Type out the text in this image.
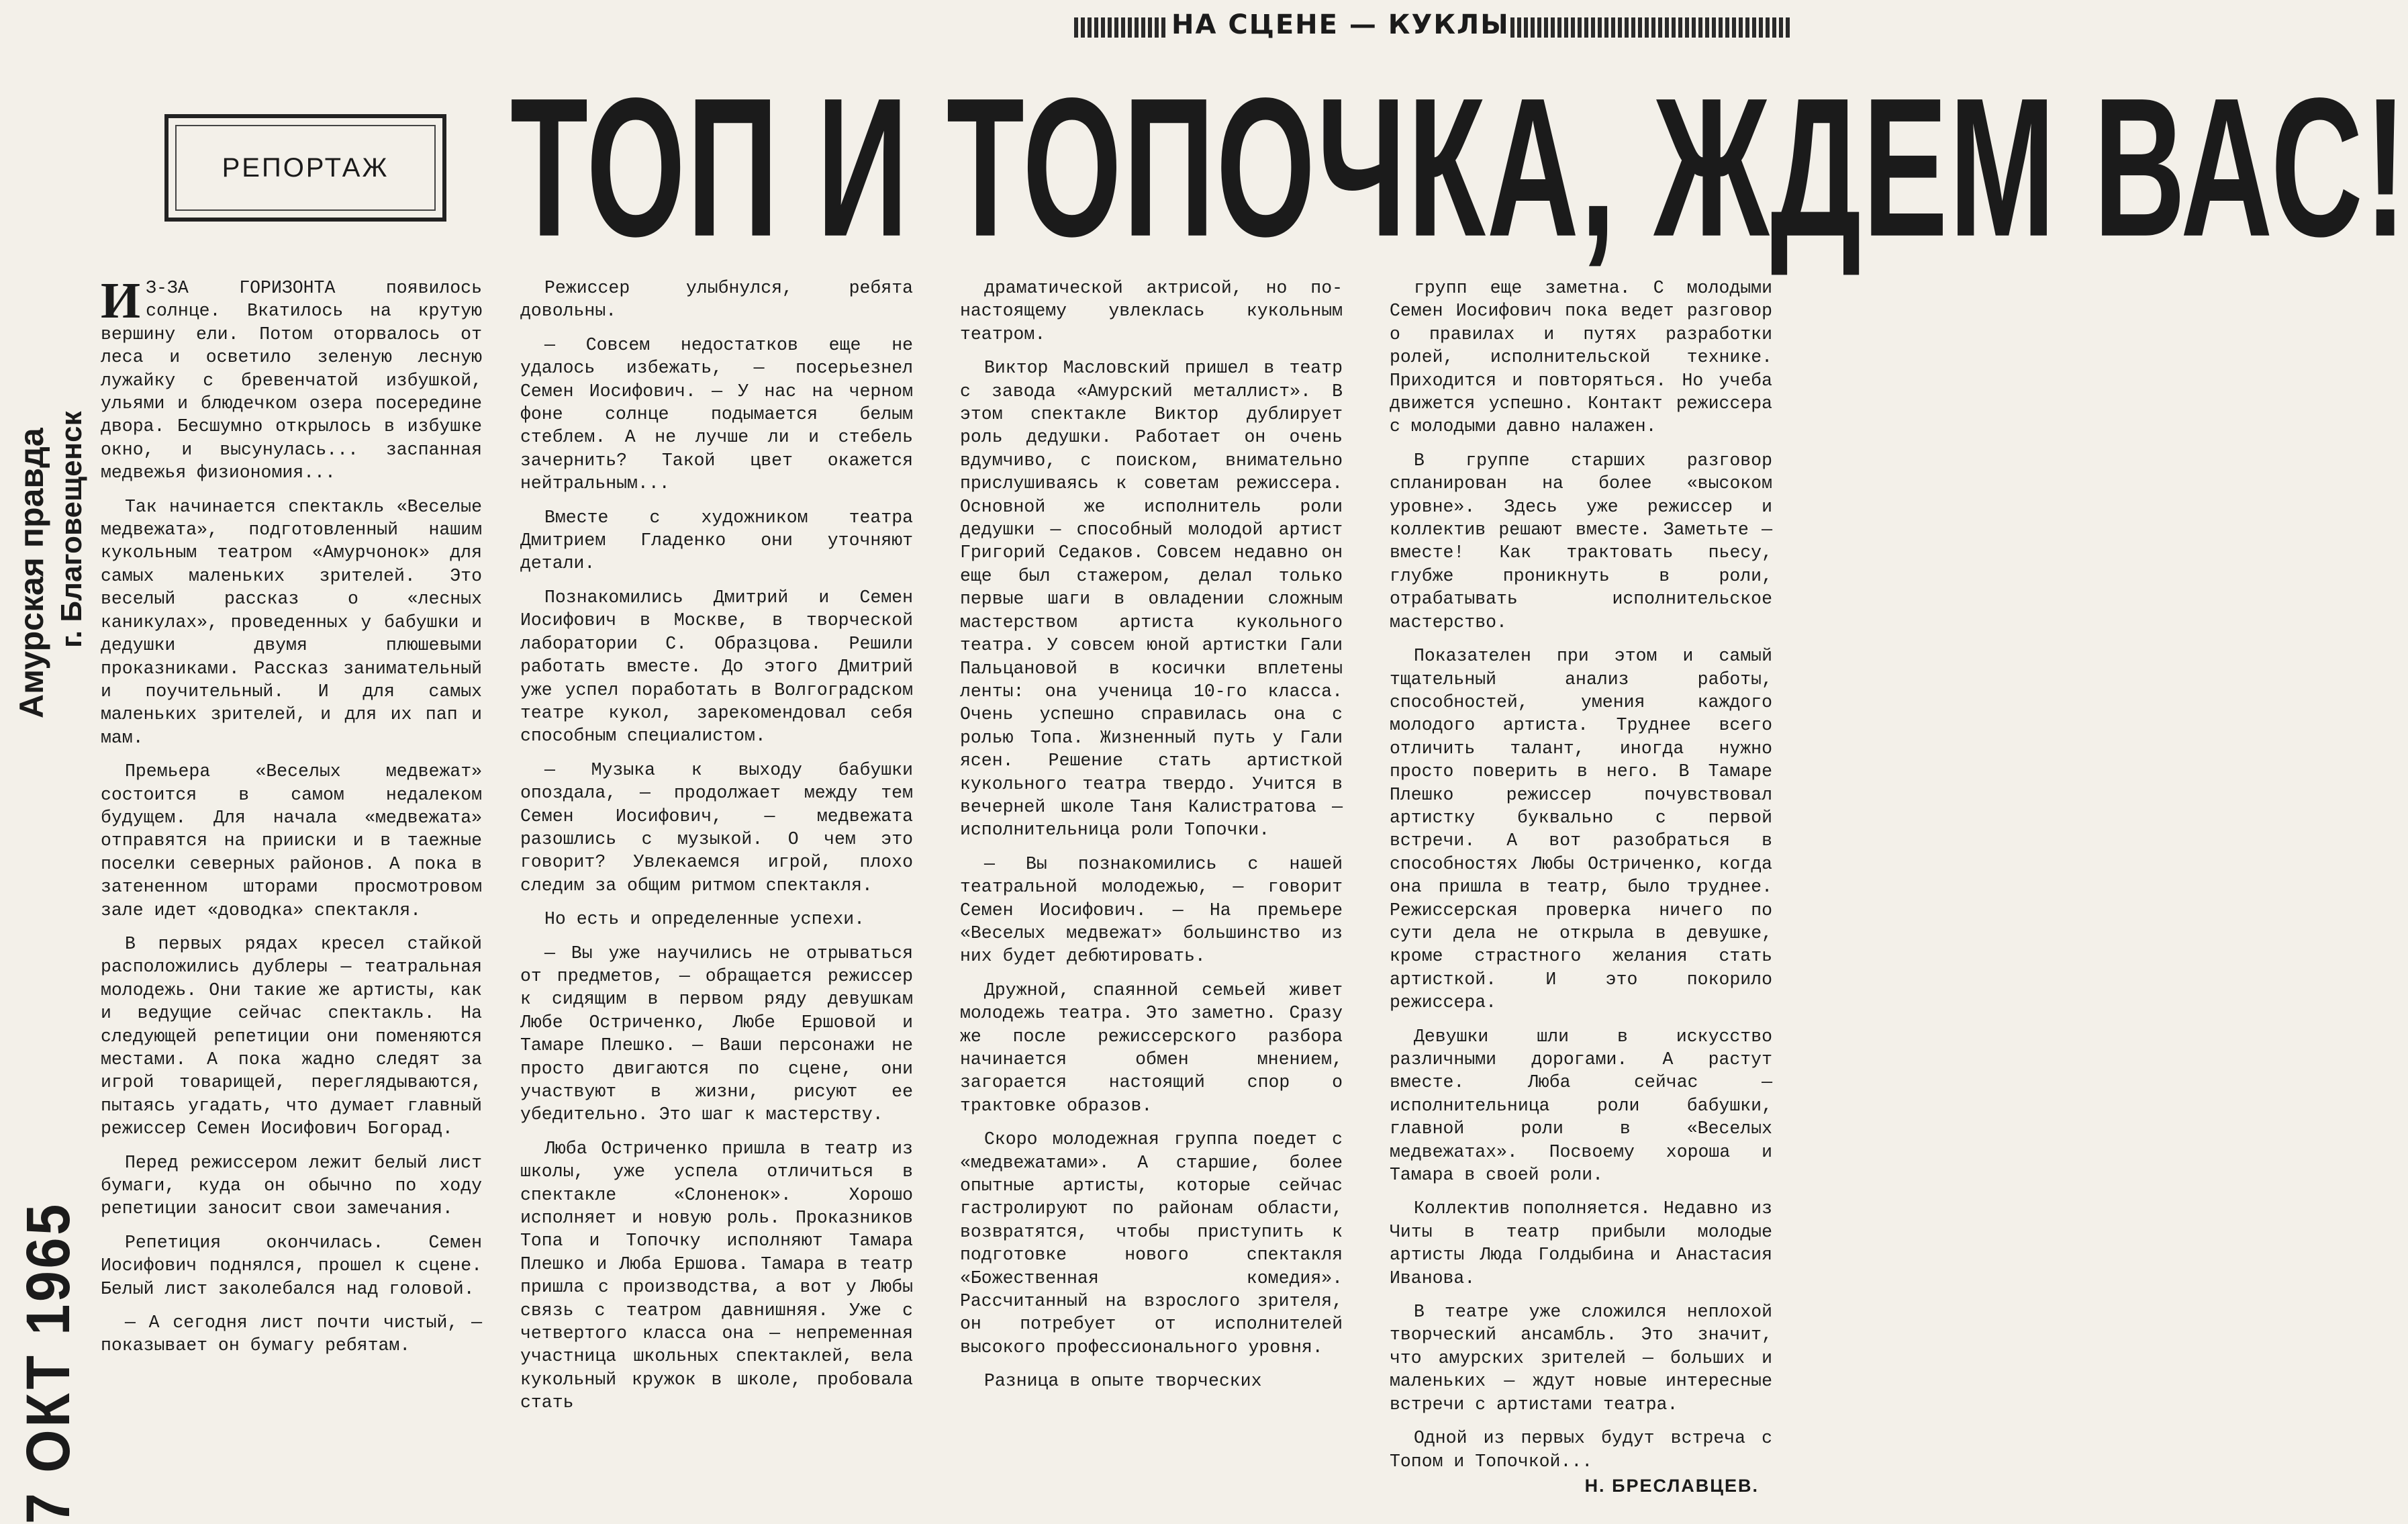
НА СЦЕНЕ — КУКЛЫ
РЕПОРТАЖ ТОП И ТОПОЧКА, ЖДЕМ ВАС!
Амурская правда г. Благовещенск
7 ОКТ 1965

И З-ЗА ГОРИЗОНТА появилось солнце. Вкатилось на крутую вершину ели. Потом оторвалось от леса и осветило зеленую лесную лужайку с бревенчатой избушкой, ульями и блюдечком озера посередине двора. Бесшумно открылось в избушке окно, и высунулась... заспанная медвежья физиономия...

Так начинается спектакль «Веселые медвежата», подготовленный нашим кукольным театром «Амурчонок» для самых маленьких зрителей. Это веселый рассказ о «лесных каникулах», проведенных у бабушки и дедушки двумя плюшевыми проказниками. Рассказ занимательный и поучительный. И для самых маленьких зрителей, и для их пап и мам.

Премьера «Веселых медвежат» состоится в самом недалеком будущем. Для начала «медвежата» отправятся на прииски и в таежные поселки северных районов. А пока в затененном шторами просмотровом зале идет «доводка» спектакля.

В первых рядах кресел стайкой расположились дублеры — театральная молодежь. Они такие же артисты, как и ведущие сейчас спектакль. На следующей репетиции они поменяются местами. А пока жадно следят за игрой товарищей, переглядываются, пытаясь угадать, что думает главный режиссер Семен Иосифович Богорад.

Перед режиссером лежит белый лист бумаги, куда он обычно по ходу репетиции заносит свои замечания.

Репетиция окончилась. Семен Иосифович поднялся, прошел к сцене. Белый лист заколебался над головой.

— А сегодня лист почти чистый, — показывает он бумагу ребятам.

Режиссер улыбнулся, ребята довольны.

— Совсем недостатков еще не удалось избежать, — посерьезнел Семен Иосифович. — У нас на черном фоне солнце подымается белым стеблем. А не лучше ли и стебель зачернить? Такой цвет окажется нейтральным...

Вместе с художником театра Дмитрием Гладенко они уточняют детали.

Познакомились Дмитрий и Семен Иосифович в Москве, в творческой лаборатории С. Образцова. Решили работать вместе. До этого Дмитрий уже успел поработать в Волгоградском театре кукол, зарекомендовал себя способным специалистом.

— Музыка к выходу бабушки опоздала, — продолжает между тем Семен Иосифович, — медвежата разошлись с музыкой. О чем это говорит? Увлекаемся игрой, плохо следим за общим ритмом спектакля.

Но есть и определенные успехи.

— Вы уже научились не отрываться от предметов, — обращается режиссер к сидящим в первом ряду девушкам Любе Остриченко, Любе Ершовой и Тамаре Плешко. — Ваши персонажи не просто двигаются по сцене, они участвуют в жизни, рисуют ее убедительно. Это шаг к мастерству.

Люба Остриченко пришла в театр из школы, уже успела отличиться в спектакле «Слоненок». Хорошо исполняет и новую роль. Проказников Топа и Топочку исполняют Тамара Плешко и Люба Ершова. Тамара в театр пришла с производства, а вот у Любы связь с театром давнишняя. Уже с четвертого класса она — непременная участница школьных спектаклей, вела кукольный кружок в школе, пробовала стать

драматической актрисой, но по-настоящему увлеклась кукольным театром.

Виктор Масловский пришел в театр с завода «Амурский металлист». В этом спектакле Виктор дублирует роль дедушки. Работает он очень вдумчиво, с поиском, внимательно прислушиваясь к советам режиссера. Основной же исполнитель роли дедушки — способный молодой артист Григорий Седаков. Совсем недавно он еще был стажером, делал только первые шаги в овладении сложным мастерством артиста кукольного театра. У совсем юной артистки Гали Пальцановой в косички вплетены ленты: она ученица 10-го класса. Очень успешно справилась она с ролью Топа. Жизненный путь у Гали ясен. Решение стать артисткой кукольного театра твердо. Учится в вечерней школе Таня Калистратова — исполнительница роли Топочки.

— Вы познакомились с нашей театральной молодежью, — говорит Семен Иосифович. — На премьере «Веселых медвежат» большинство из них будет дебютировать.

Дружной, спаянной семьей живет молодежь театра. Это заметно. Сразу же после режиссерского разбора начинается обмен мнением, загорается настоящий спор о трактовке образов.

Скоро молодежная группа поедет с «медвежатами». А старшие, более опытные артисты, которые сейчас гастролируют по районам области, возвратятся, чтобы приступить к подготовке нового спектакля «Божественная комедия». Рассчитанный на взрослого зрителя, он потребует от исполнителей высокого профессионального уровня.

Разница в опыте творческих

групп еще заметна. С молодыми Семен Иосифович пока ведет разговор о правилах и путях разработки ролей, исполнительской технике. Приходится и повторяться. Но учеба движется успешно. Контакт режиссера с молодыми давно налажен.

В группе старших разговор спланирован на более «высоком уровне». Здесь уже режиссер и коллектив решают вместе. Заметьте — вместе! Как трактовать пьесу, глубже проникнуть в роли, отрабатывать исполнительское мастерство.

Показателен при этом и самый тщательный анализ работы, способностей, умения каждого молодого артиста. Труднее всего отличить талант, иногда нужно просто поверить в него. В Тамаре Плешко режиссер почувствовал артистку буквально с первой встречи. А вот разобраться в способностях Любы Остриченко, когда она пришла в театр, было труднее. Режиссерская проверка ничего по сути дела не открыла в девушке, кроме страстного желания стать артисткой. И это покорило режиссера.

Девушки шли в искусство различными дорогами. А растут вместе. Люба сейчас — исполнительница роли бабушки, главной роли в «Веселых медвежатах». Посвоему хороша и Тамара в своей роли.

Коллектив пополняется. Недавно из Читы в театр прибыли молодые артисты Люда Голдыбина и Анастасия Иванова.

В театре уже сложился неплохой творческий ансамбль. Это значит, что амурских зрителей — больших и маленьких — ждут новые интересные встречи с артистами театра.

Одной из первых будут встреча с Топом и Топочкой...

Н. БРЕСЛАВЦЕВ.
